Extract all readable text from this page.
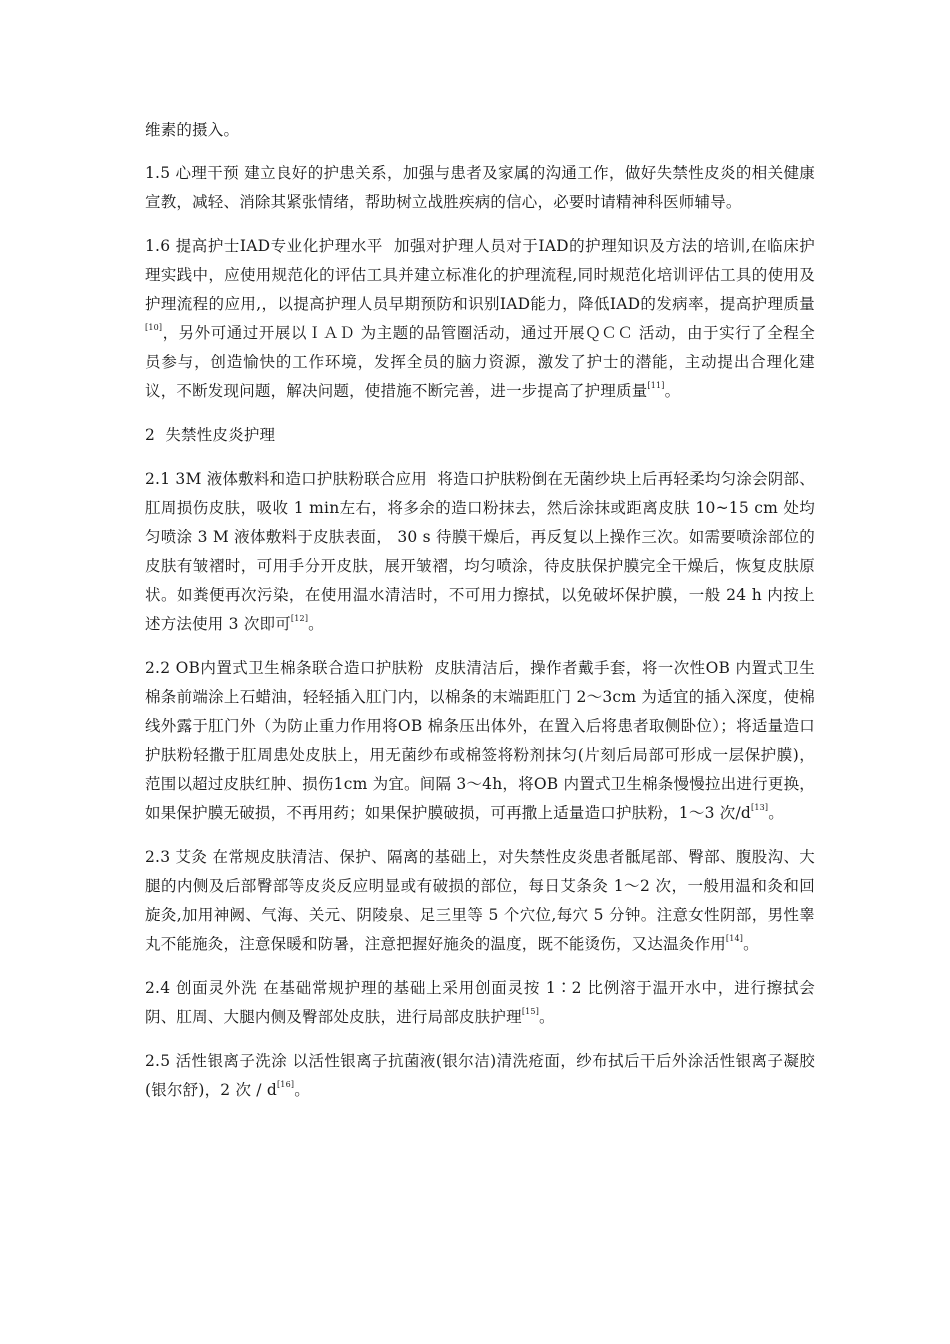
维素的摄入。

1.5 心理干预 建立良好的护患关系，加强与患者及家属的沟通工作，做好失禁性皮炎的相关健康宣教，减轻、消除其紧张情绪，帮助树立战胜疾病的信心，必要时请精神科医师辅导。

1.6 提高护士IAD专业化护理水平  加强对护理人员对于IAD的护理知识及方法的培训,在临床护理实践中，应使用规范化的评估工具并建立标准化的护理流程,同时规范化培训评估工具的使用及护理流程的应用,，以提高护理人员早期预防和识别IAD能力，降低IAD的发病率，提高护理质量[10]，另外可通过开展以ＩＡＤ 为主题的品管圈活动，通过开展ＱＣＣ 活动，由于实行了全程全员参与，创造愉快的工作环境，发挥全员的脑力资源，激发了护士的潜能，主动提出合理化建议，不断发现问题，解决问题，使措施不断完善，进一步提高了护理质量[11]。

2  失禁性皮炎护理

2.1 3M 液体敷料和造口护肤粉联合应用  将造口护肤粉倒在无菌纱块上后再轻柔均匀涂会阴部、肛周损伤皮肤，吸收 1 min左右，将多余的造口粉抹去，然后涂抹或距离皮肤 10~15 cm 处均匀喷涂 3 M 液体敷料于皮肤表面， 30 s 待膜干燥后，再反复以上操作三次。如需要喷涂部位的皮肤有皱褶时，可用手分开皮肤，展开皱褶，均匀喷涂，待皮肤保护膜完全干燥后，恢复皮肤原状。如粪便再次污染，在使用温水清洁时，不可用力擦拭，以免破坏保护膜，一般 24 h 内按上述方法使用 3 次即可[12]。

2.2 OB内置式卫生棉条联合造口护肤粉  皮肤清洁后，操作者戴手套，将一次性OB 内置式卫生棉条前端涂上石蜡油，轻轻插入肛门内，以棉条的末端距肛门 2～3cm 为适宜的插入深度，使棉线外露于肛门外（为防止重力作用将OB 棉条压出体外，在置入后将患者取侧卧位）；将适量造口护肤粉轻撒于肛周患处皮肤上，用无菌纱布或棉签将粉剂抹匀(片刻后局部可形成一层保护膜)，范围以超过皮肤红肿、损伤1cm 为宜。间隔 3～4h，将OB 内置式卫生棉条慢慢拉出进行更换， 如果保护膜无破损，不再用药；如果保护膜破损，可再撒上适量造口护肤粉，1～3 次/d[13]。

2.3 艾灸 在常规皮肤清洁、保护、隔离的基础上，对失禁性皮炎患者骶尾部、臀部、腹股沟、大腿的内侧及后部臀部等皮炎反应明显或有破损的部位，每日艾条灸 1～2 次，一般用温和灸和回旋灸,加用神阙、气海、关元、阴陵泉、足三里等 5 个穴位,每穴 5 分钟。注意女性阴部，男性睾丸不能施灸，注意保暖和防暑，注意把握好施灸的温度，既不能烫伤，又达温灸作用[14]。

2.4 创面灵外洗 在基础常规护理的基础上采用创面灵按 1∶2 比例溶于温开水中，进行擦拭会阴、肛周、大腿内侧及臀部处皮肤，进行局部皮肤护理[15]。

2.5 活性银离子洗涂 以活性银离子抗菌液(银尔洁)清洗疮面，纱布拭后干后外涂活性银离子凝胶(银尔舒)，2 次 / d[16]。
